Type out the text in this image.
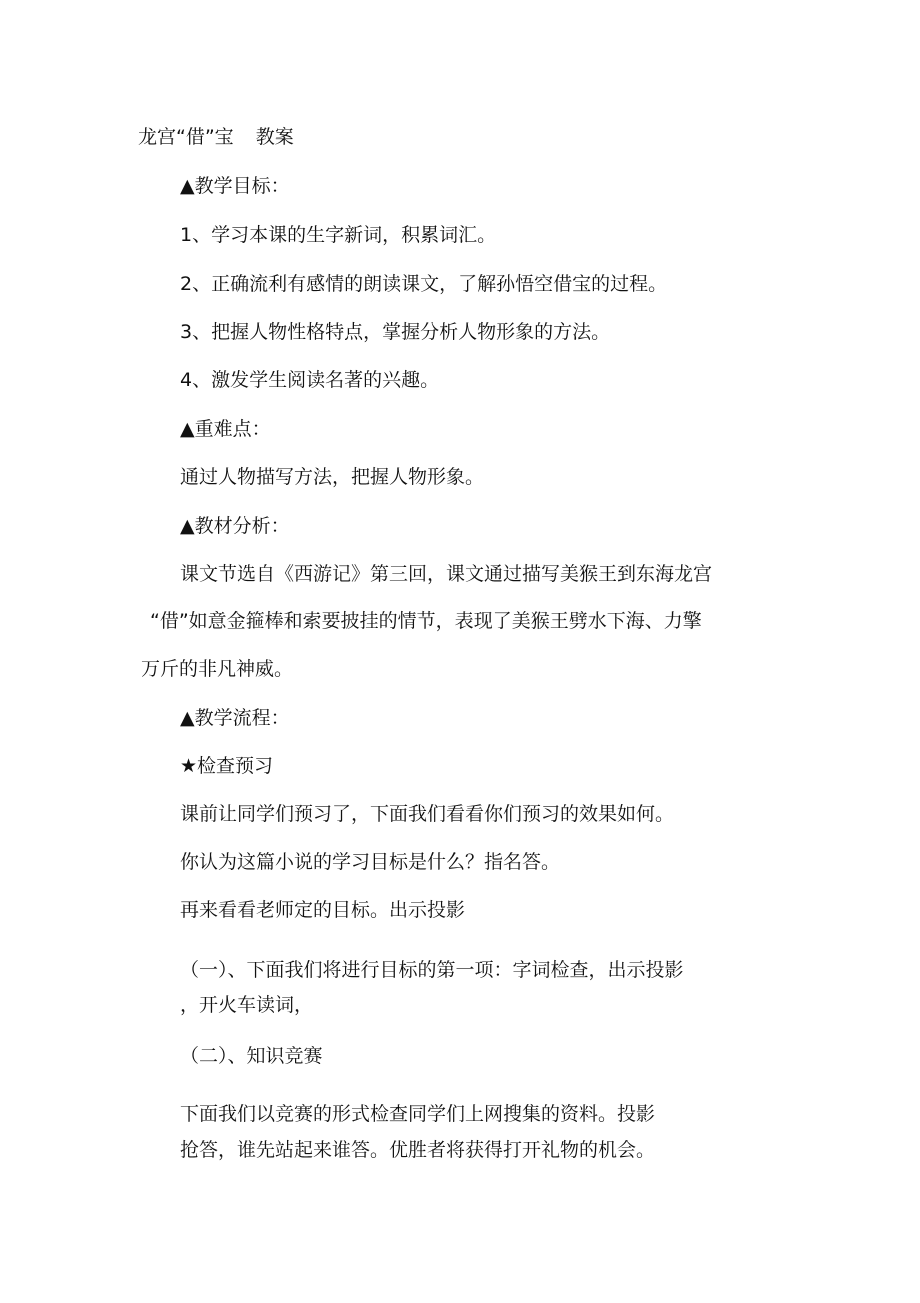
龙宫“借”宝 教案
▲教学目标：
1、学习本课的生字新词，积累词汇。
2、正确流利有感情的朗读课文，了解孙悟空借宝的过程。
3、把握人物性格特点，掌握分析人物形象的方法。
4、激发学生阅读名著的兴趣。
▲重难点：
通过人物描写方法，把握人物形象。
▲教材分析：
课文节选自《西游记》第三回，课文通过描写美猴王到东海龙宫
“借”如意金箍棒和索要披挂的情节，表现了美猴王劈水下海、力擎
万斤的非凡神威。
▲教学流程：
★检查预习
课前让同学们预习了，下面我们看看你们预习的效果如何。
你认为这篇小说的学习目标是什么？指名答。
再来看看老师定的目标。出示投影
（一）、下面我们将进行目标的第一项：字词检查，出示投影
，开火车读词，
（二）、知识竞赛
下面我们以竞赛的形式检查同学们上网搜集的资料。投影
抢答，谁先站起来谁答。优胜者将获得打开礼物的机会。
